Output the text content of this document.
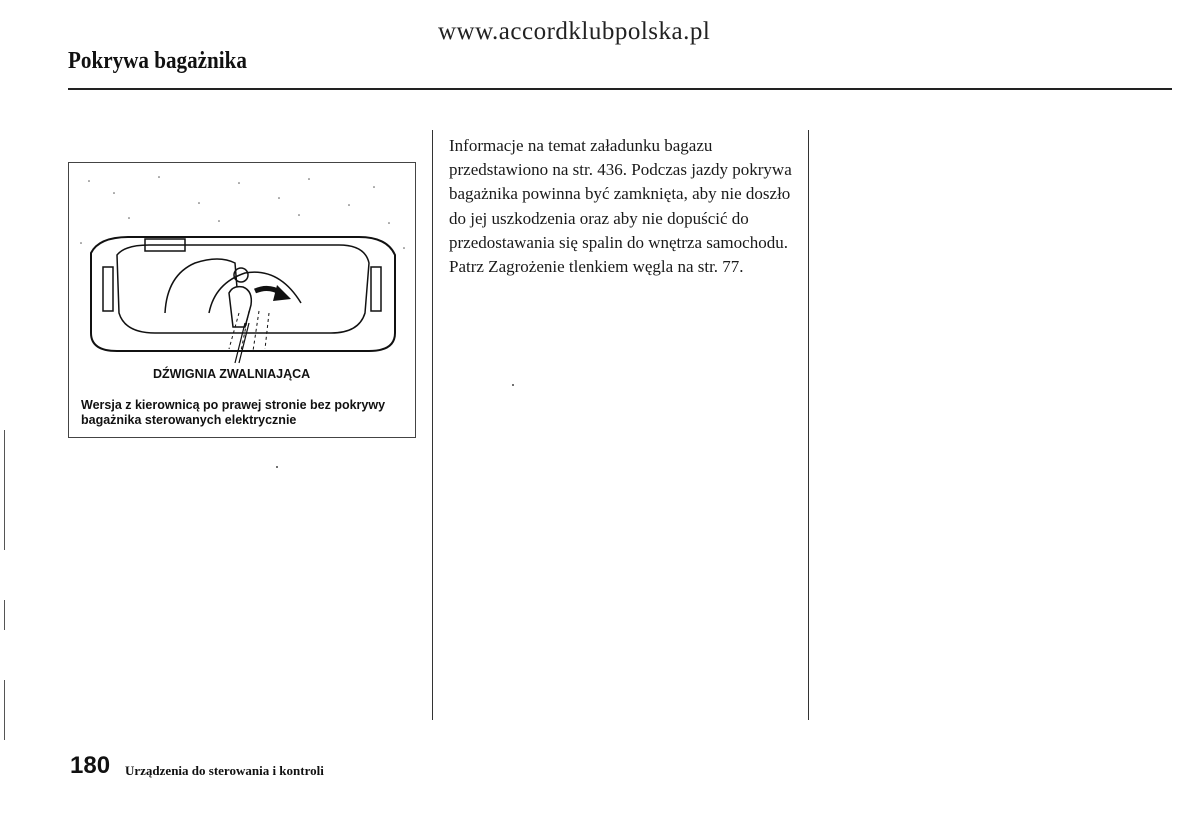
www.accordklubpolska.pl
Pokrywa bagażnika
DŹWIGNIA ZWALNIAJĄCA
Wersja z kierownicą po prawej stronie bez pokrywy bagażnika sterowanych elektrycznie

Informacje na temat załadunku bagazu przedstawiono na str. 436. Podczas jazdy pokrywa bagażnika powinna być zamknięta, aby nie doszło do jej uszkodzenia oraz aby nie dopuścić do przedostawania się spalin do wnętrza samochodu. Patrz Zagrożenie tlenkiem węgla na str. 77.

180 Urządzenia do sterowania i kontroli
